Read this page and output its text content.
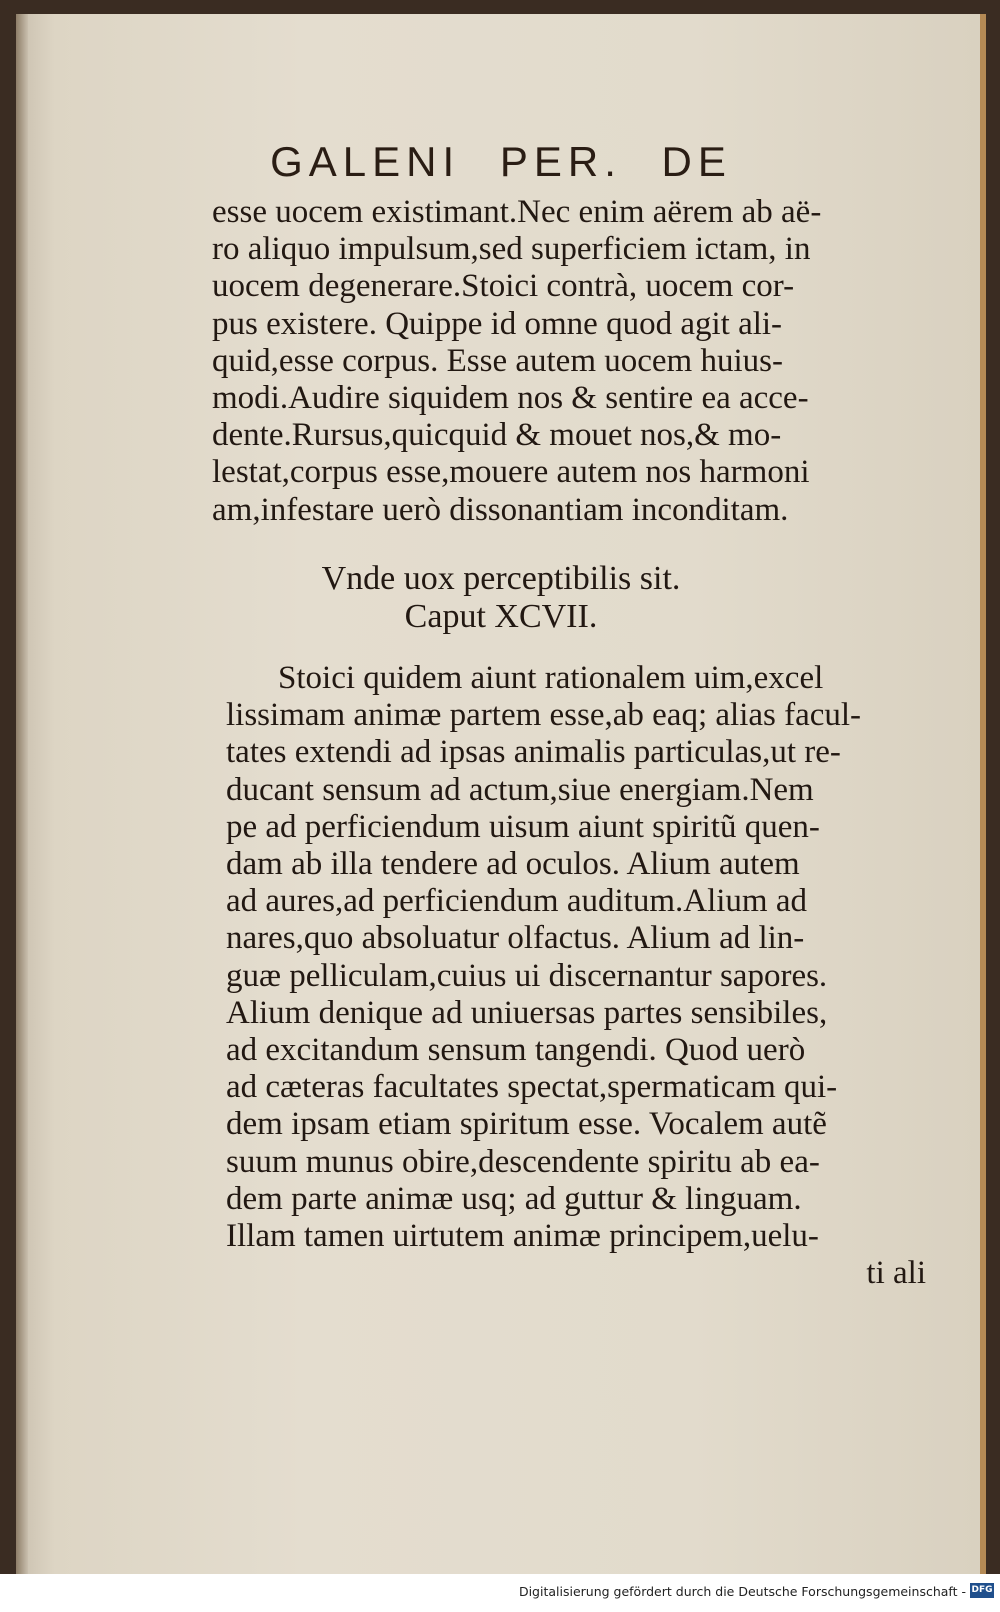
GALENI PER. DE
esse uocem existimant.Nec enim aërem ab aë-
ro aliquo impulsum,sed superficiem ictam, in
uocem degenerare.Stoici contrà, uocem cor-
pus existere. Quippe id omne quod agit ali-
quid,esse corpus. Esse autem uocem huius-
modi.Audire siquidem nos & sentire ea acce-
dente.Rursus,quicquid & mouet nos,& mo-
lestat,corpus esse,mouere autem nos harmoni
am,infestare uerò dissonantiam inconditam.
Vnde uox perceptibilis sit.
Caput XCVII.
Stoici quidem aiunt rationalem uim,excel
lissimam animæ partem esse,ab eaq; alias facul-
tates extendi ad ipsas animalis particulas,ut re-
ducant sensum ad actum,siue energiam.Nem
pe ad perficiendum uisum aiunt spiritũ quen-
dam ab illa tendere ad oculos. Alium autem
ad aures,ad perficiendum auditum.Alium ad
nares,quo absoluatur olfactus. Alium ad lin-
guæ pelliculam,cuius ui discernantur sapores.
Alium denique ad uniuersas partes sensibiles,
ad excitandum sensum tangendi. Quod uerò
ad cæteras facultates spectat,spermaticam qui-
dem ipsam etiam spiritum esse. Vocalem autẽ
suum munus obire,descendente spiritu ab ea-
dem parte animæ usq; ad guttur & linguam.
Illam tamen uirtutem animæ principem,uelu-
ti ali
Digitalisierung gefördert durch die Deutsche Forschungsgemeinschaft - DFG
